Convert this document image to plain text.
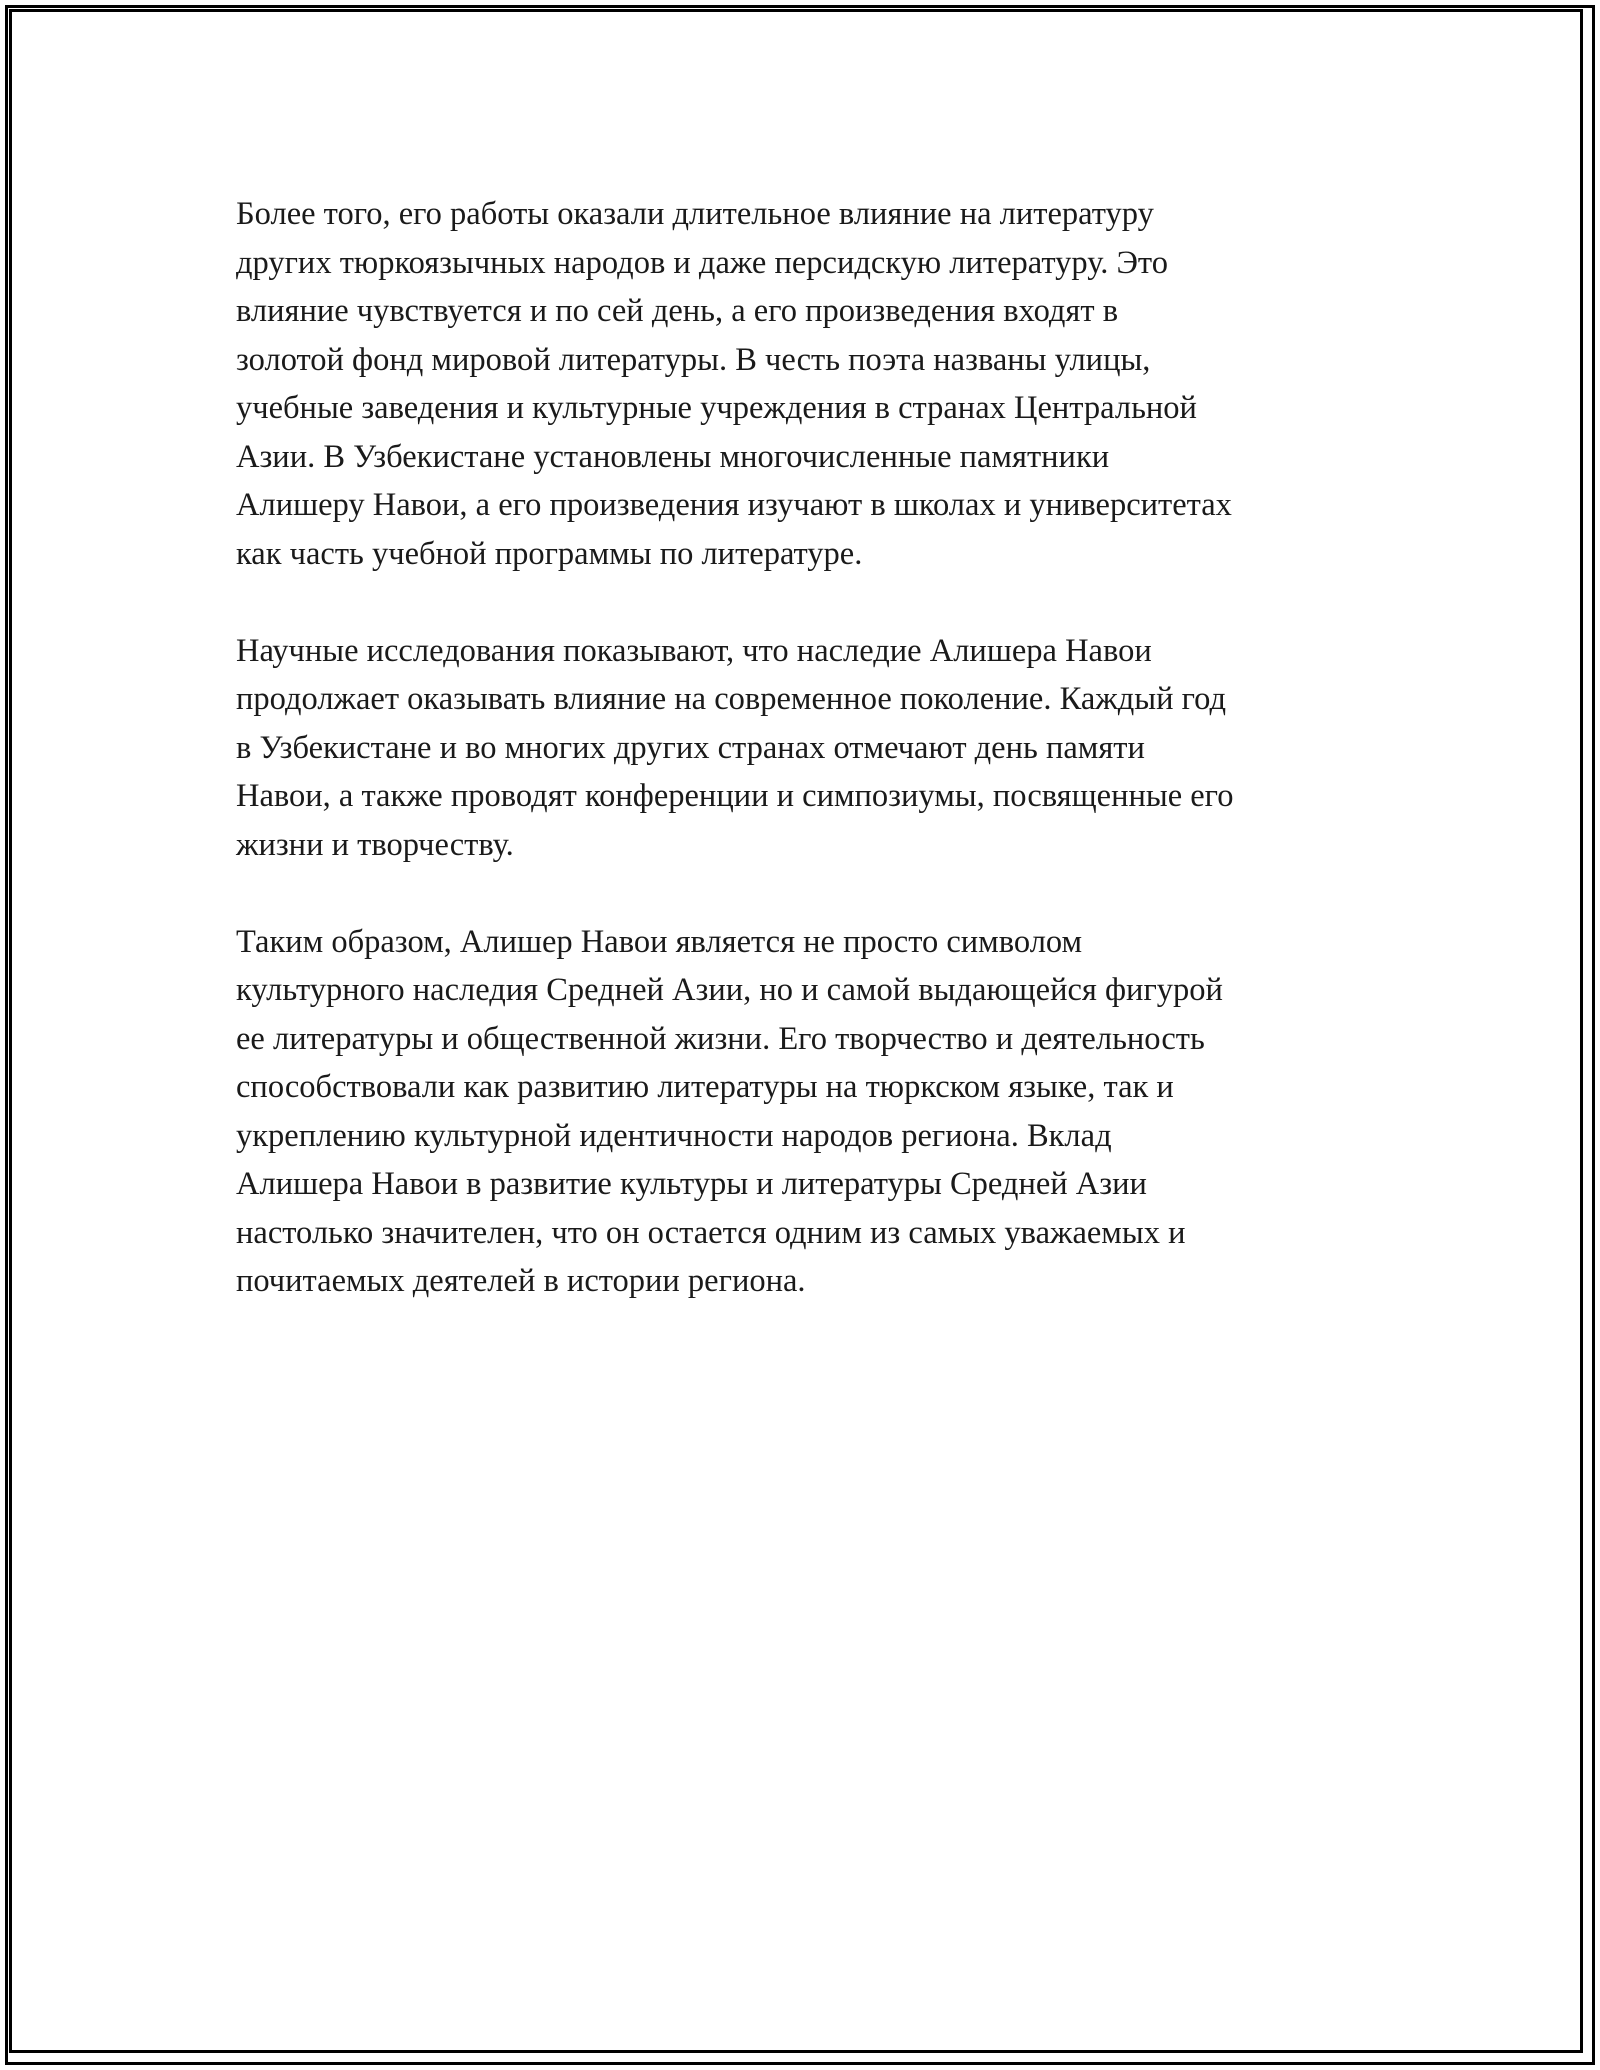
Более того, его работы оказали длительное влияние на литературу
других тюркоязычных народов и даже персидскую литературу. Это
влияние чувствуется и по сей день, а его произведения входят в
золотой фонд мировой литературы. В честь поэта названы улицы,
учебные заведения и культурные учреждения в странах Центральной
Азии. В Узбекистане установлены многочисленные памятники
Алишеру Навои, а его произведения изучают в школах и университетах
как часть учебной программы по литературе.

Научные исследования показывают, что наследие Алишера Навои
продолжает оказывать влияние на современное поколение. Каждый год
в Узбекистане и во многих других странах отмечают день памяти
Навои, а также проводят конференции и симпозиумы, посвященные его
жизни и творчеству.

Таким образом, Алишер Навои является не просто символом
культурного наследия Средней Азии, но и самой выдающейся фигурой
ее литературы и общественной жизни. Его творчество и деятельность
способствовали как развитию литературы на тюркском языке, так и
укреплению культурной идентичности народов региона. Вклад
Алишера Навои в развитие культуры и литературы Средней Азии
настолько значителен, что он остается одним из самых уважаемых и
почитаемых деятелей в истории региона.
